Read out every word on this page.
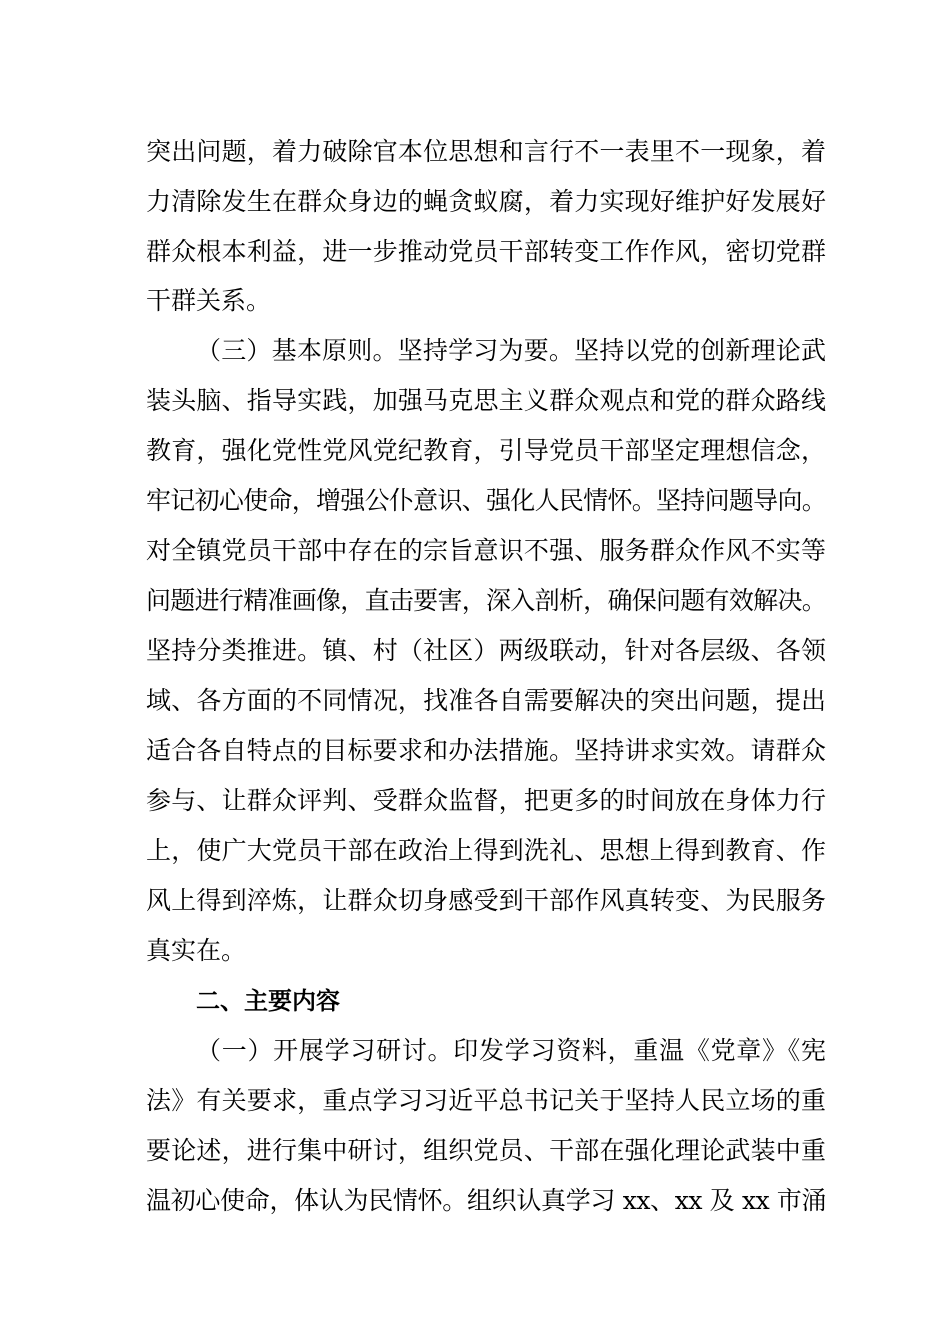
突出问题，着力破除官本位思想和言行不一表里不一现象，着
力清除发生在群众身边的蝇贪蚁腐，着力实现好维护好发展好
群众根本利益，进一步推动党员干部转变工作作风，密切党群
干群关系。
（三）基本原则。坚持学习为要。坚持以党的创新理论武
装头脑、指导实践，加强马克思主义群众观点和党的群众路线
教育，强化党性党风党纪教育，引导党员干部坚定理想信念，
牢记初心使命，增强公仆意识、强化人民情怀。坚持问题导向。
对全镇党员干部中存在的宗旨意识不强、服务群众作风不实等
问题进行精准画像，直击要害，深入剖析，确保问题有效解决。
坚持分类推进。镇、村（社区）两级联动，针对各层级、各领
域、各方面的不同情况，找准各自需要解决的突出问题，提出
适合各自特点的目标要求和办法措施。坚持讲求实效。请群众
参与、让群众评判、受群众监督，把更多的时间放在身体力行
上，使广大党员干部在政治上得到洗礼、思想上得到教育、作
风上得到淬炼，让群众切身感受到干部作风真转变、为民服务
真实在。
二、主要内容
（一）开展学习研讨。印发学习资料，重温《党章》《宪
法》有关要求，重点学习习近平总书记关于坚持人民立场的重
要论述，进行集中研讨，组织党员、干部在强化理论武装中重
温初心使命，体认为民情怀。组织认真学习 xx、xx 及 xx 市涌
